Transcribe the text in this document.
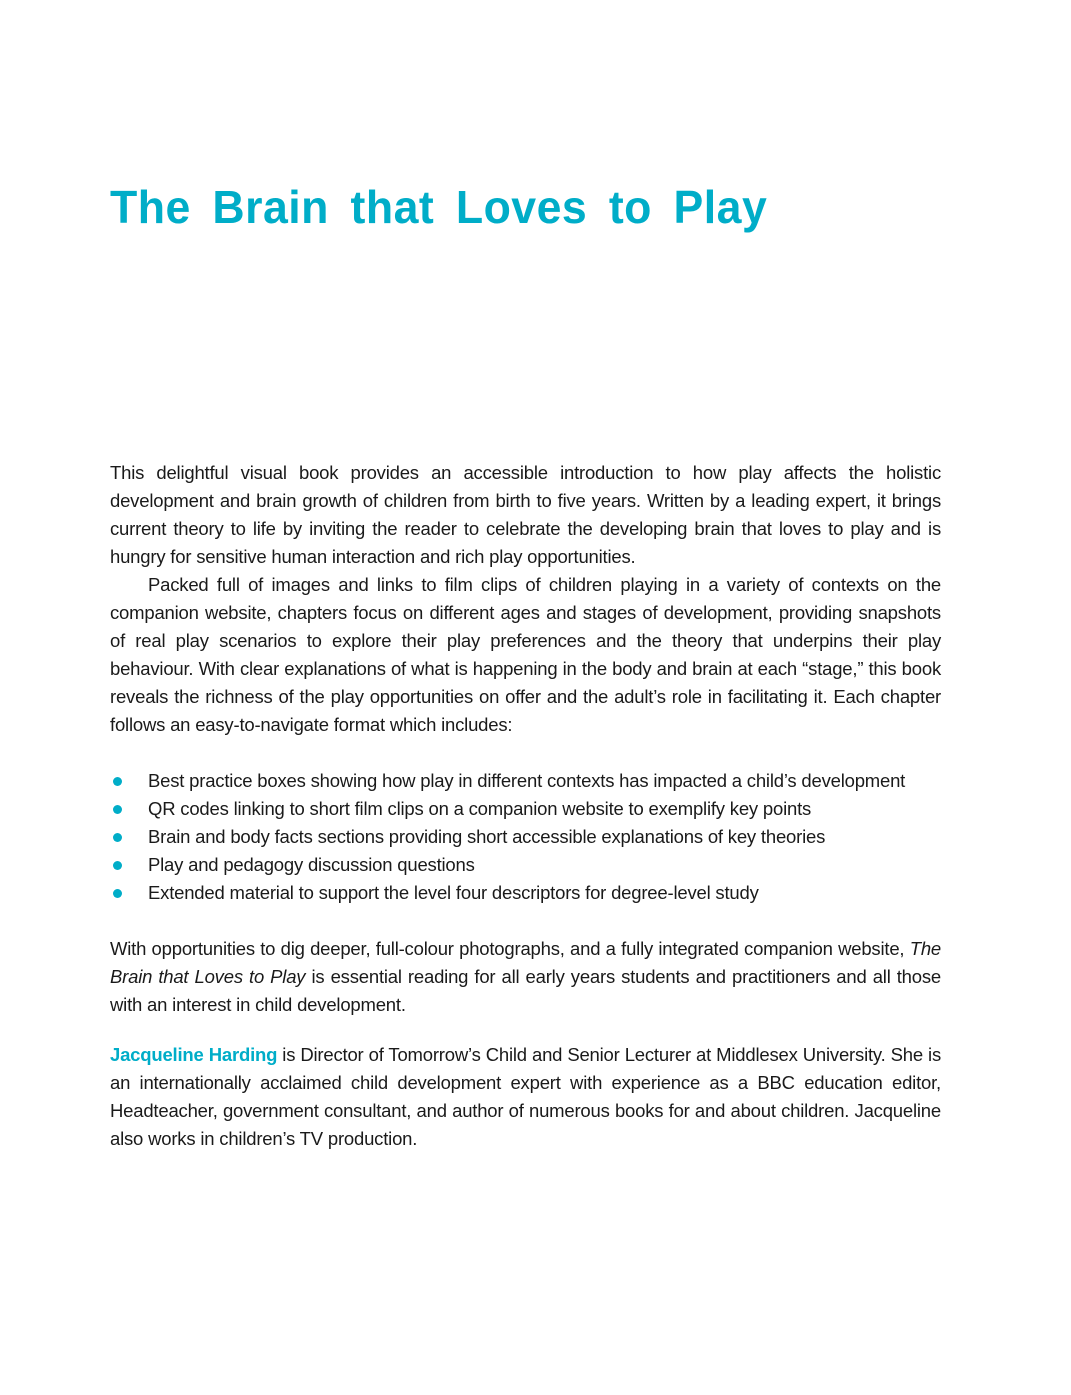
The Brain that Loves to Play

This delightful visual book provides an accessible introduction to how play affects the holistic development and brain growth of children from birth to five years. Written by a leading expert, it brings current theory to life by inviting the reader to celebrate the developing brain that loves to play and is hungry for sensitive human interaction and rich play opportunities.

Packed full of images and links to film clips of children playing in a variety of contexts on the companion website, chapters focus on different ages and stages of development, providing snapshots of real play scenarios to explore their play preferences and the theory that underpins their play behaviour. With clear explanations of what is happening in the body and brain at each “stage,” this book reveals the richness of the play opportunities on offer and the adult’s role in facilitating it. Each chapter follows an easy-to-navigate format which includes:

Best practice boxes showing how play in different contexts has impacted a child’s development
QR codes linking to short film clips on a companion website to exemplify key points
Brain and body facts sections providing short accessible explanations of key theories
Play and pedagogy discussion questions
Extended material to support the level four descriptors for degree-level study

With opportunities to dig deeper, full-colour photographs, and a fully integrated companion website, The Brain that Loves to Play is essential reading for all early years students and practitioners and all those with an interest in child development.

Jacqueline Harding is Director of Tomorrow’s Child and Senior Lecturer at Middlesex University. She is an internationally acclaimed child development expert with experience as a BBC education editor, Headteacher, government consultant, and author of numerous books for and about children. Jacqueline also works in children’s TV production.
